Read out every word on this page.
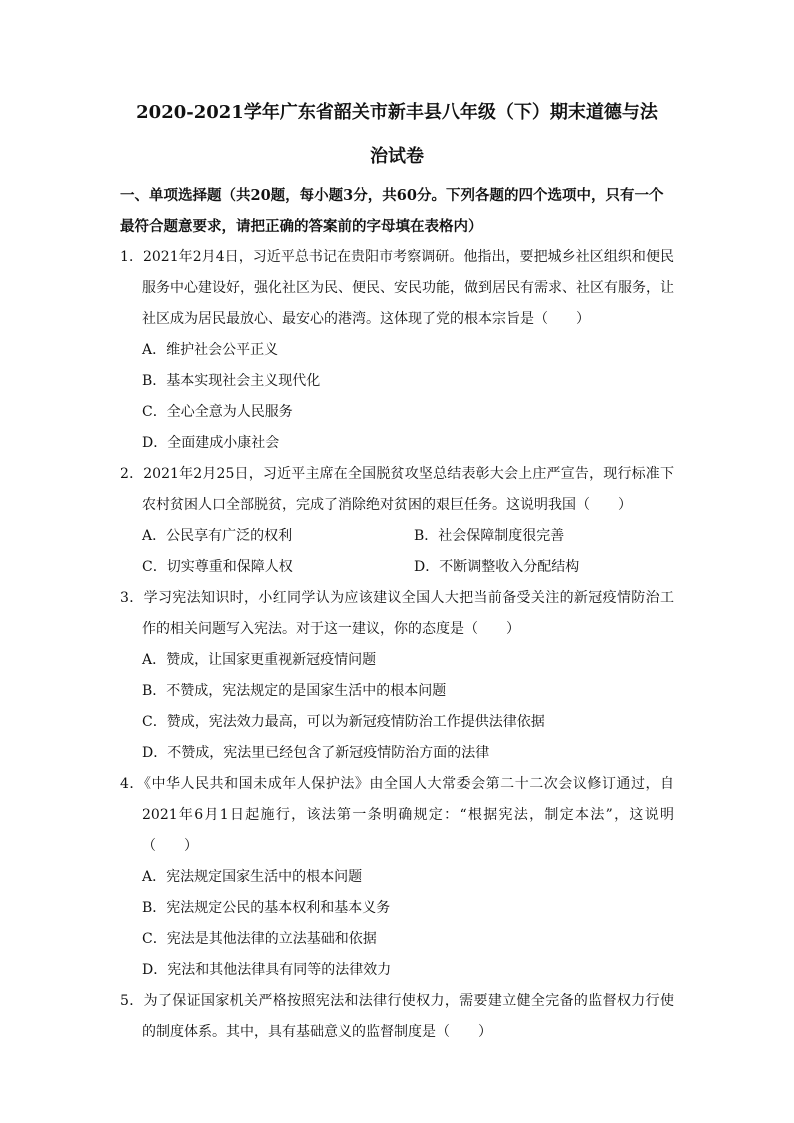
2020-2021学年广东省韶关市新丰县八年级（下）期末道德与法
治试卷
一、单项选择题（共20题，每小题3分，共60分。下列各题的四个选项中，只有一个最符合题意要求，请把正确的答案前的字母填在表格内）
1．2021年2月4日，习近平总书记在贵阳市考察调研。他指出，要把城乡社区组织和便民服务中心建设好，强化社区为民、便民、安民功能，做到居民有需求、社区有服务，让社区成为居民最放心、最安心的港湾。这体现了党的根本宗旨是（　　）
A．维护社会公平正义
B．基本实现社会主义现代化
C．全心全意为人民服务
D．全面建成小康社会
2．2021年2月25日，习近平主席在全国脱贫攻坚总结表彰大会上庄严宣告，现行标准下农村贫困人口全部脱贫，完成了消除绝对贫困的艰巨任务。这说明我国（　　）
A．公民享有广泛的权利	B．社会保障制度很完善
C．切实尊重和保障人权	D．不断调整收入分配结构
3．学习宪法知识时，小红同学认为应该建议全国人大把当前备受关注的新冠疫情防治工作的相关问题写入宪法。对于这一建议，你的态度是（　　）
A．赞成，让国家更重视新冠疫情问题
B．不赞成，宪法规定的是国家生活中的根本问题
C．赞成，宪法效力最高，可以为新冠疫情防治工作提供法律依据
D．不赞成，宪法里已经包含了新冠疫情防治方面的法律
4．《中华人民共和国未成年人保护法》由全国人大常委会第二十二次会议修订通过，自2021年6月1日起施行，该法第一条明确规定：“根据宪法，制定本法”，这说明（　　）
A．宪法规定国家生活中的根本问题
B．宪法规定公民的基本权利和基本义务
C．宪法是其他法律的立法基础和依据
D．宪法和其他法律具有同等的法律效力
5．为了保证国家机关严格按照宪法和法律行使权力，需要建立健全完备的监督权力行使的制度体系。其中，具有基础意义的监督制度是（　　）
